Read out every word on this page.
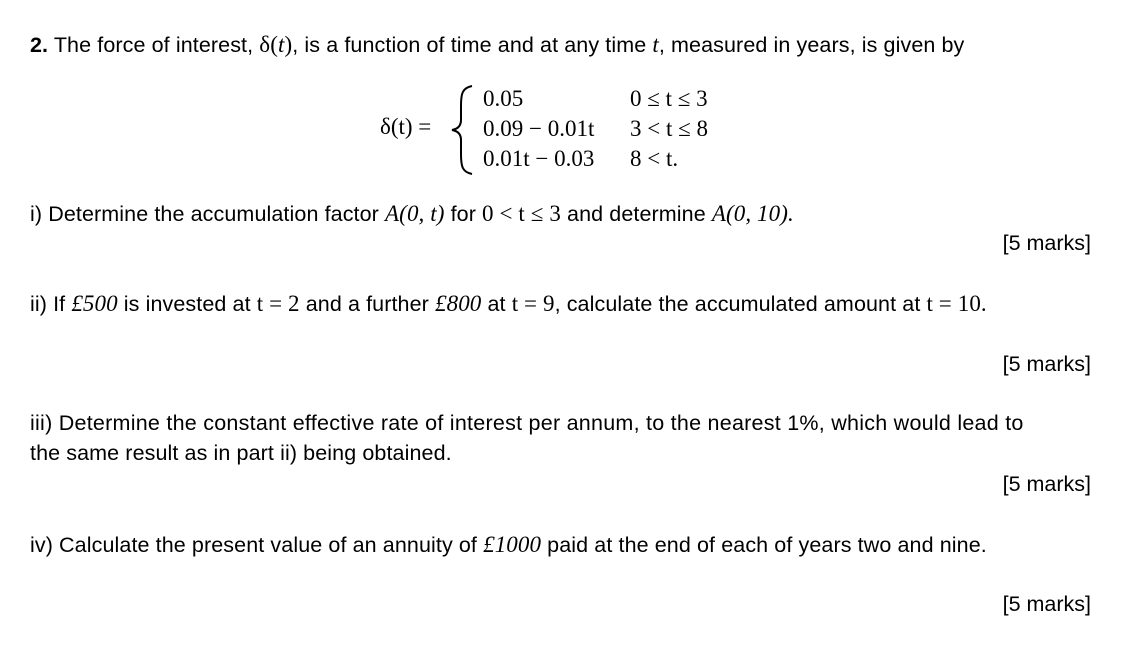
2. The force of interest, δ(t), is a function of time and at any time t, measured in years, is given by
δ(t) =
0.05	0 ≤ t ≤ 3
0.09 − 0.01t 3 < t ≤ 8
0.01t − 0.03 8 < t.
i) Determine the accumulation factor A(0, t) for 0 < t ≤ 3 and determine A(0, 10).
[5 marks]
ii) If £500 is invested at t = 2 and a further £800 at t = 9, calculate the accumulated amount at t = 10.
[5 marks]
iii) Determine the constant effective rate of interest per annum, to the nearest 1%, which would lead to
the same result as in part ii) being obtained.
[5 marks]
iv) Calculate the present value of an annuity of £1000 paid at the end of each of years two and nine.
[5 marks]
